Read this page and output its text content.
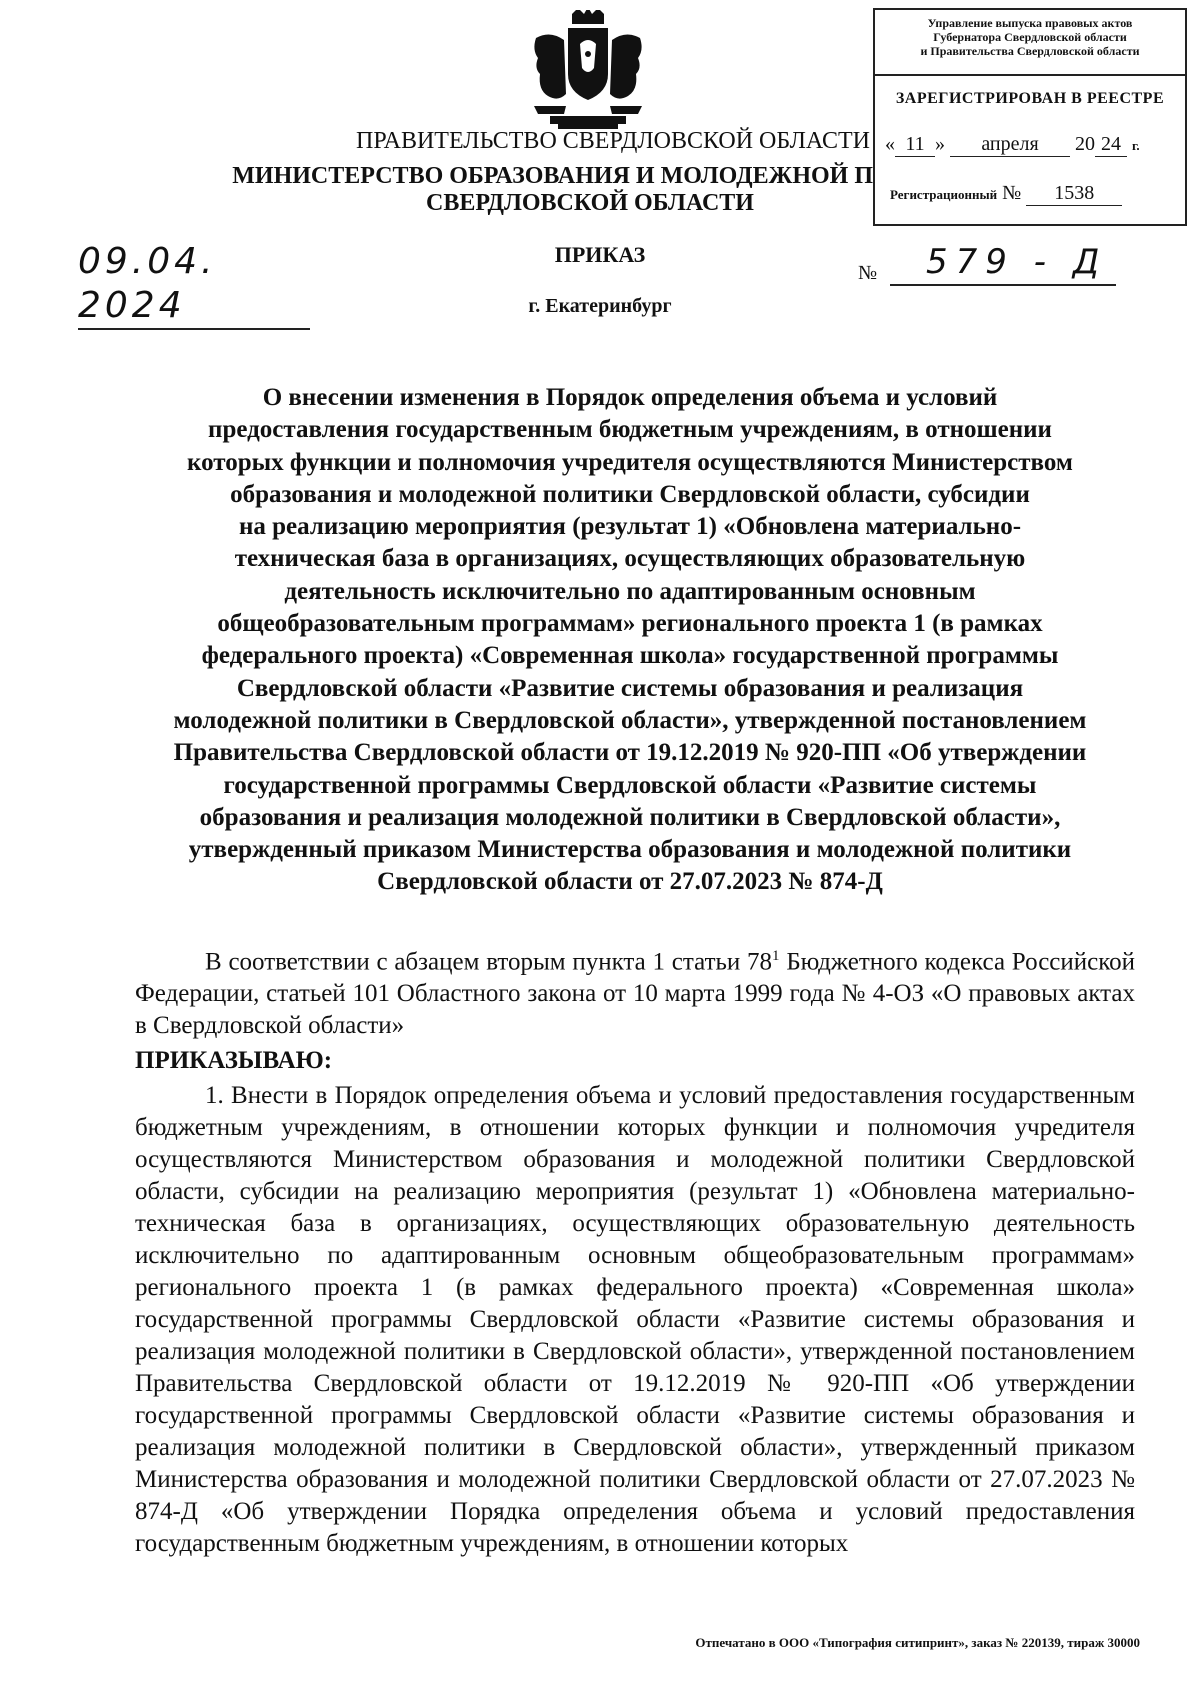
Управление выпуска правовых актов
Губернатора Свердловской области
и Правительства Свердловской области
ЗАРЕГИСТРИРОВАН В РЕЕСТРЕ
« 11 » апреля 20 24 г.
Регистрационный № 1538
ПРАВИТЕЛЬСТВО СВЕРДЛОВСКОЙ ОБЛАСТИ
МИНИСТЕРСТВО ОБРАЗОВАНИЯ И МОЛОДЕЖНОЙ П
СВЕРДЛОВСКОЙ ОБЛАСТИ
09.04. 2024
ПРИКАЗ
№	579 - Д
г. Екатеринбург
О внесении изменения в Порядок определения объема и условий
предоставления государственным бюджетным учреждениям, в отношении
которых функции и полномочия учредителя осуществляются Министерством
образования и молодежной политики Свердловской области, субсидии
на реализацию мероприятия (результат 1) «Обновлена материально-
техническая база в организациях, осуществляющих образовательную
деятельность исключительно по адаптированным основным
общеобразовательным программам» регионального проекта 1 (в рамках
федерального проекта) «Современная школа» государственной программы
Свердловской области «Развитие системы образования и реализация
молодежной политики в Свердловской области», утвержденной постановлением
Правительства Свердловской области от 19.12.2019 № 920-ПП «Об утверждении
государственной программы Свердловской области «Развитие системы
образования и реализация молодежной политики в Свердловской области»,
утвержденный приказом Министерства образования и молодежной политики
Свердловской области от 27.07.2023 № 874-Д
В соответствии с абзацем вторым пункта 1 статьи $78^1$ Бюджетного кодекса Российской Федерации, статьей 101 Областного закона от 10 марта 1999 года № 4-ОЗ «О правовых актах в Свердловской области»
ПРИКАЗЫВАЮ:
1. Внести в Порядок определения объема и условий предоставления государственным бюджетным учреждениям, в отношении которых функции и полномочия учредителя осуществляются Министерством образования и молодежной политики Свердловской области, субсидии на реализацию мероприятия (результат 1) «Обновлена материально-техническая база в организациях, осуществляющих образовательную деятельность исключительно по адаптированным основным общеобразовательным программам» регионального проекта 1 (в рамках федерального проекта) «Современная школа» государственной программы Свердловской области «Развитие системы образования и реализация молодежной политики в Свердловской области», утвержденной постановлением Правительства Свердловской области от 19.12.2019 № 920-ПП «Об утверждении государственной программы Свердловской области «Развитие системы образования и реализация молодежной политики в Свердловской области», утвержденный приказом Министерства образования и молодежной политики Свердловской области от 27.07.2023 № 874-Д «Об утверждении Порядка определения объема и условий предоставления государственным бюджетным учреждениям, в отношении которых
Отпечатано в ООО «Типография ситипринт», заказ № 220139, тираж 30000
